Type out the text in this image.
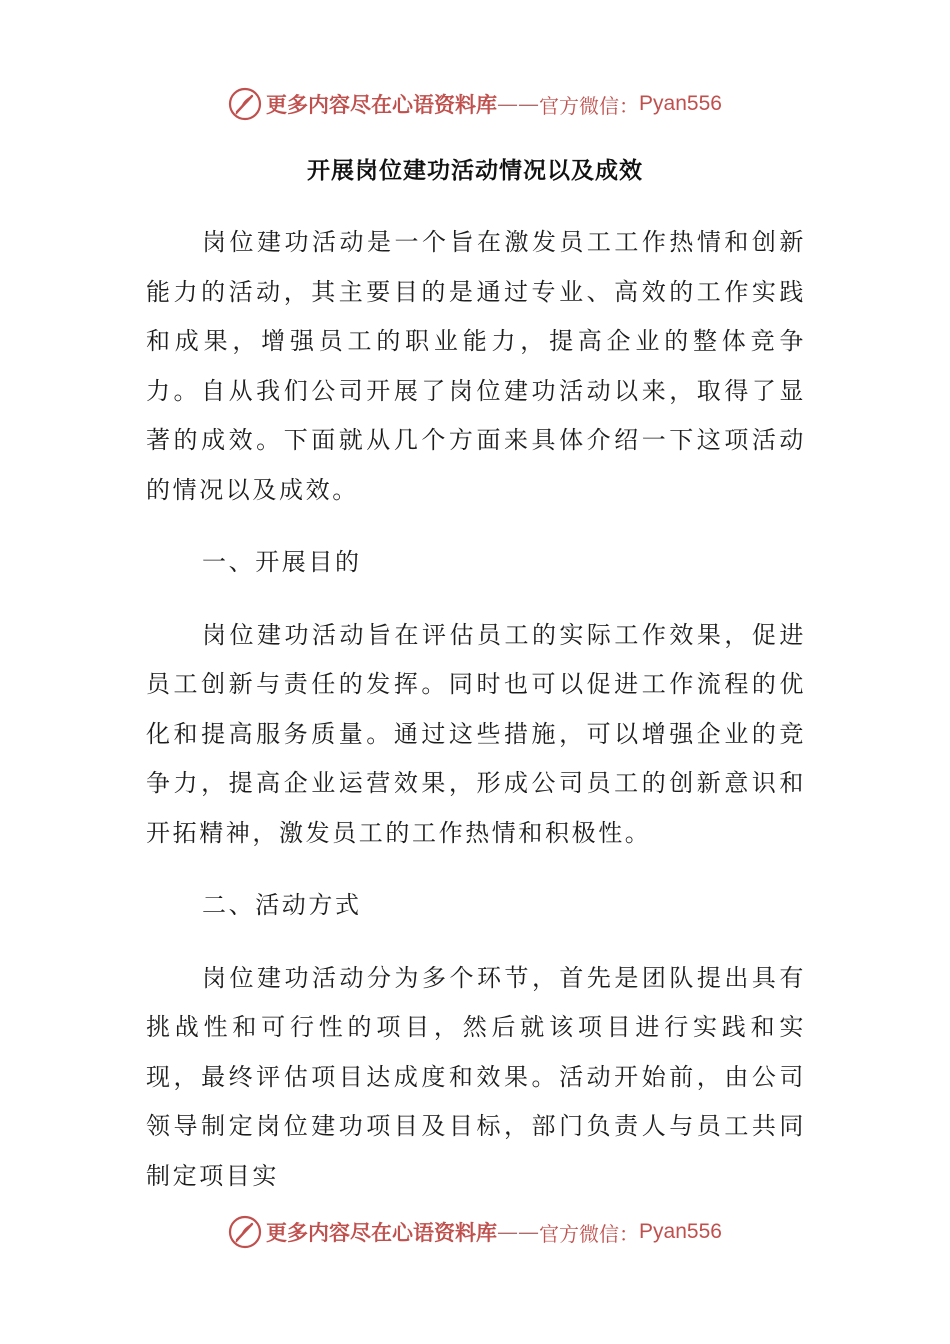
更多内容尽在心语资料库 —— 官方微信： Pyan556
开展岗位建功活动情况以及成效

岗位建功活动是一个旨在激发员工工作热情和创新能力的活动，其主要目的是通过专业、高效的工作实践和成果，增强员工的职业能力，提高企业的整体竞争力。自从我们公司开展了岗位建功活动以来，取得了显著的成效。下面就从几个方面来具体介绍一下这项活动的情况以及成效。

一、开展目的

岗位建功活动旨在评估员工的实际工作效果，促进员工创新与责任的发挥。同时也可以促进工作流程的优化和提高服务质量。通过这些措施，可以增强企业的竞争力，提高企业运营效果，形成公司员工的创新意识和开拓精神，激发员工的工作热情和积极性。

二、活动方式

岗位建功活动分为多个环节，首先是团队提出具有挑战性和可行性的项目，然后就该项目进行实践和实现，最终评估项目达成度和效果。活动开始前，由公司领导制定岗位建功项目及目标，部门负责人与员工共同制定项目实

更多内容尽在心语资料库 —— 官方微信： Pyan556
